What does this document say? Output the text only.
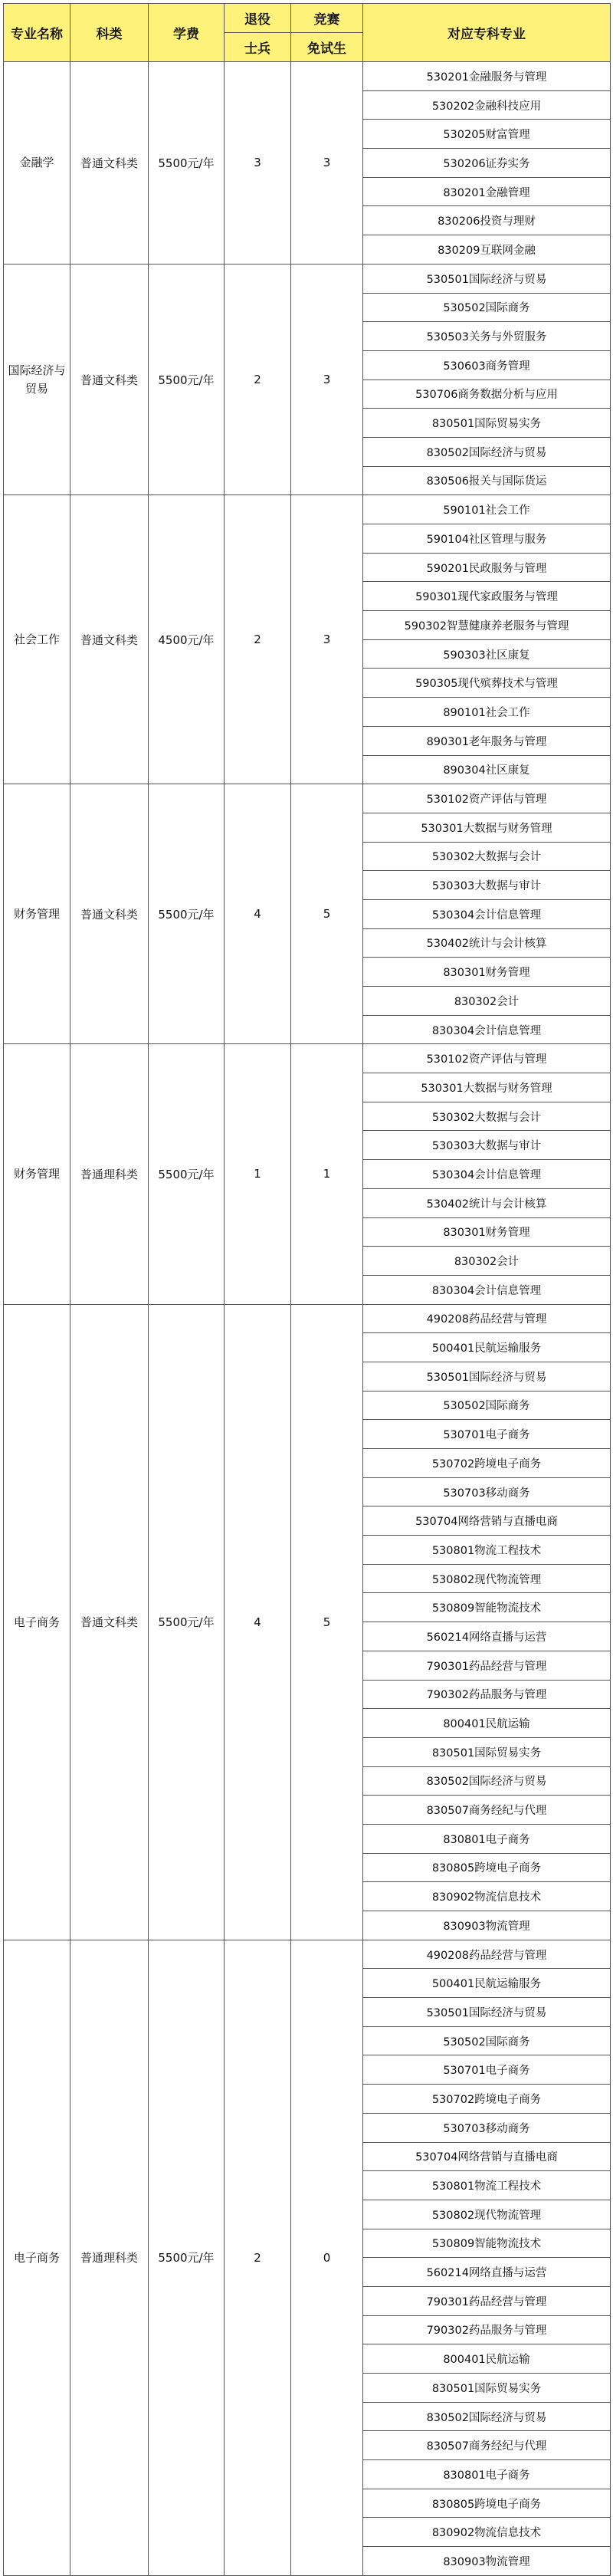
专业名称	科类	学费	退役	竞赛	对应专科专业
			士兵	免试生	
金融学	普通文科类	5500元/年	3	3	530201金融服务与管理
					530202金融科技应用
					530205财富管理
					530206证券实务
					830201金融管理
					830206投资与理财
					830209互联网金融
国际经济与贸易	普通文科类	5500元/年	2	3	530501国际经济与贸易
					530502国际商务
					530503关务与外贸服务
					530603商务管理
					530706商务数据分析与应用
					830501国际贸易实务
					830502国际经济与贸易
					830506报关与国际货运
社会工作	普通文科类	4500元/年	2	3	590101社会工作
					590104社区管理与服务
					590201民政服务与管理
					590301现代家政服务与管理
					590302智慧健康养老服务与管理
					590303社区康复
					590305现代殡葬技术与管理
					890101社会工作
					890301老年服务与管理
					890304社区康复
财务管理	普通文科类	5500元/年	4	5	530102资产评估与管理
					530301大数据与财务管理
					530302大数据与会计
					530303大数据与审计
					530304会计信息管理
					530402统计与会计核算
					830301财务管理
					830302会计
					830304会计信息管理
财务管理	普通理科类	5500元/年	1	1	530102资产评估与管理
					530301大数据与财务管理
					530302大数据与会计
					530303大数据与审计
					530304会计信息管理
					530402统计与会计核算
					830301财务管理
					830302会计
					830304会计信息管理
电子商务	普通文科类	5500元/年	4	5	490208药品经营与管理
					500401民航运输服务
					530501国际经济与贸易
					530502国际商务
					530701电子商务
					530702跨境电子商务
					530703移动商务
					530704网络营销与直播电商
					530801物流工程技术
					530802现代物流管理
					530809智能物流技术
					560214网络直播与运营
					790301药品经营与管理
					790302药品服务与管理
					800401民航运输
					830501国际贸易实务
					830502国际经济与贸易
					830507商务经纪与代理
					830801电子商务
					830805跨境电子商务
					830902物流信息技术
					830903物流管理
电子商务	普通理科类	5500元/年	2	0	490208药品经营与管理
					500401民航运输服务
					530501国际经济与贸易
					530502国际商务
					530701电子商务
					530702跨境电子商务
					530703移动商务
					530704网络营销与直播电商
					530801物流工程技术
					530802现代物流管理
					530809智能物流技术
					560214网络直播与运营
					790301药品经营与管理
					790302药品服务与管理
					800401民航运输
					830501国际贸易实务
					830502国际经济与贸易
					830507商务经纪与代理
					830801电子商务
					830805跨境电子商务
					830902物流信息技术
					830903物流管理
